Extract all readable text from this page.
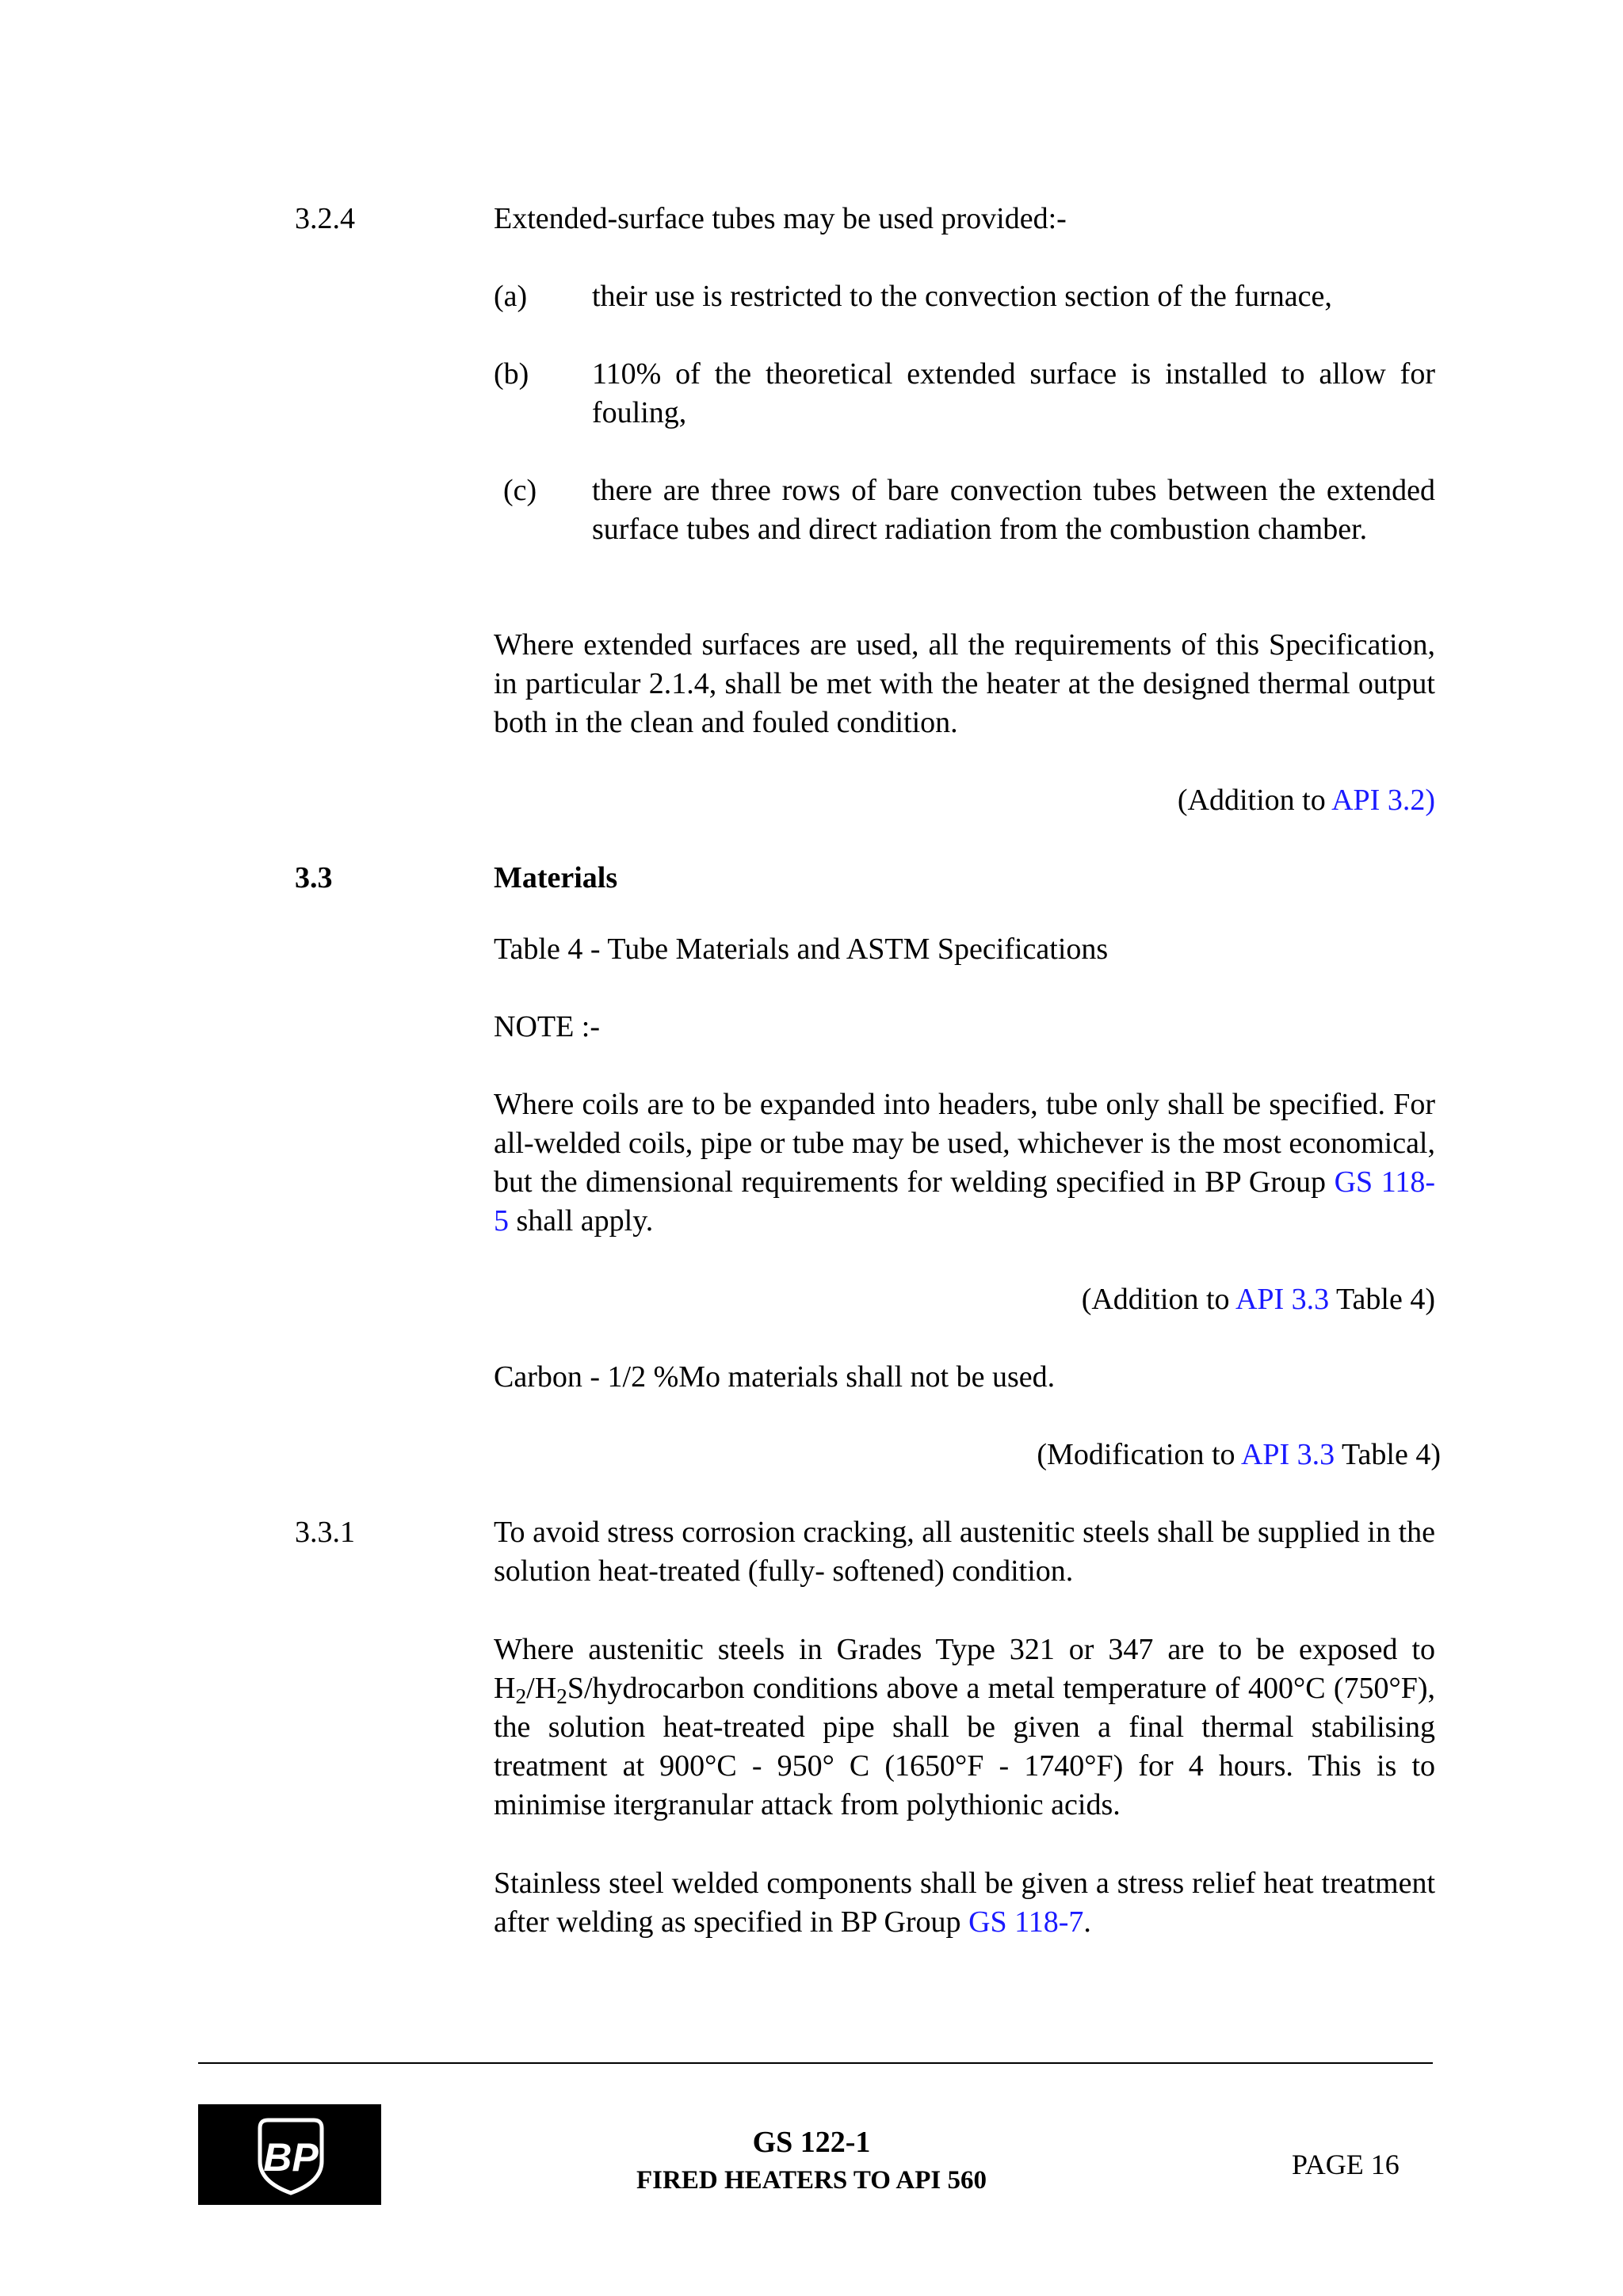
3.2.4	Extended-surface tubes may be used provided:-
(a) their use is restricted to the convection section of the furnace,
(b) 110% of the theoretical extended surface is installed to allow for fouling,
(c) there are three rows of bare convection tubes between the extended surface tubes and direct radiation from the combustion chamber.
Where extended surfaces are used, all the requirements of this Specification, in particular 2.1.4, shall be met with the heater at the designed thermal output both in the clean and fouled condition.
(Addition to API 3.2)
3.3	Materials
Table 4 - Tube Materials and ASTM Specifications
NOTE :-
Where coils are to be expanded into headers, tube only shall be specified. For all-welded coils, pipe or tube may be used, whichever is the most economical, but the dimensional requirements for welding specified in BP Group GS 118-5 shall apply.
(Addition to API 3.3 Table 4)
Carbon - 1/2 %Mo materials shall not be used.
(Modification to API 3.3 Table 4)
3.3.1	To avoid stress corrosion cracking, all austenitic steels shall be supplied in the solution heat-treated (fully- softened) condition.
Where austenitic steels in Grades Type 321 or 347 are to be exposed to $H_2/H_2S$/hydrocarbon conditions above a metal temperature of 400°C (750°F), the solution heat-treated pipe shall be given a final thermal stabilising treatment at 900°C - 950° C (1650°F - 1740°F) for 4 hours. This is to minimise itergranular attack from polythionic acids.
Stainless steel welded components shall be given a stress relief heat treatment after welding as specified in BP Group GS 118-7.
BP	GS 122-1
FIRED HEATERS TO API 560	PAGE 16
